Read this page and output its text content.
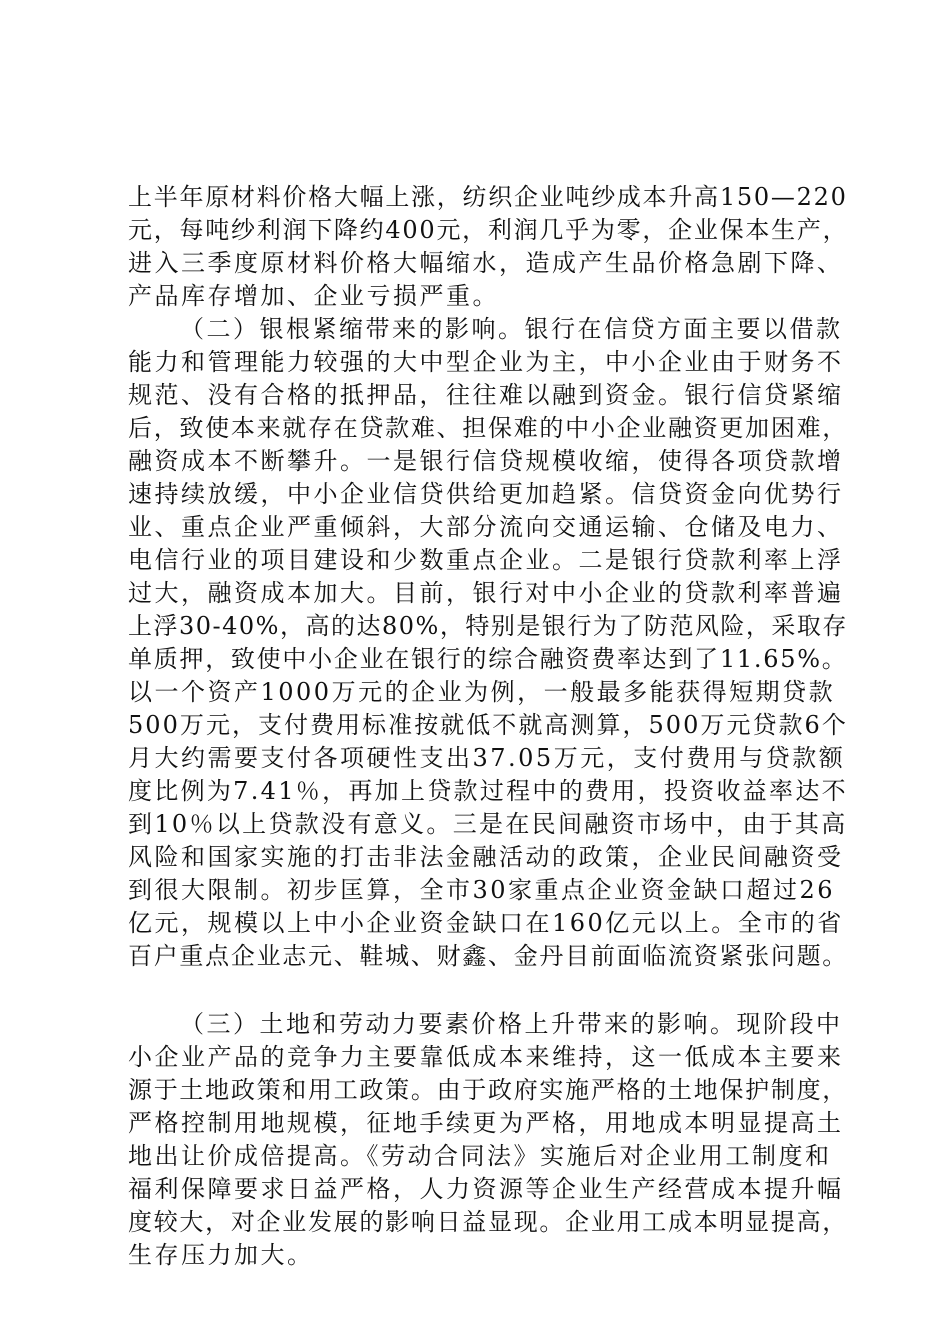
上半年原材料价格大幅上涨，纺织企业吨纱成本升高150—220
元，每吨纱利润下降约400元，利润几乎为零，企业保本生产，
进入三季度原材料价格大幅缩水，造成产生品价格急剧下降、
产品库存增加、企业亏损严重。
（二）银根紧缩带来的影响。银行在信贷方面主要以借款
能力和管理能力较强的大中型企业为主，中小企业由于财务不
规范、没有合格的抵押品，往往难以融到资金。银行信贷紧缩
后，致使本来就存在贷款难、担保难的中小企业融资更加困难，
融资成本不断攀升。一是银行信贷规模收缩，使得各项贷款增
速持续放缓，中小企业信贷供给更加趋紧。信贷资金向优势行
业、重点企业严重倾斜，大部分流向交通运输、仓储及电力、
电信行业的项目建设和少数重点企业。二是银行贷款利率上浮
过大，融资成本加大。目前，银行对中小企业的贷款利率普遍
上浮30-40%，高的达80%，特别是银行为了防范风险，采取存
单质押，致使中小企业在银行的综合融资费率达到了11.65%。
以一个资产1000万元的企业为例，一般最多能获得短期贷款
500万元，支付费用标准按就低不就高测算，500万元贷款6个
月大约需要支付各项硬性支出37.05万元，支付费用与贷款额
度比例为7.41％，再加上贷款过程中的费用，投资收益率达不
到10％以上贷款没有意义。三是在民间融资市场中，由于其高
风险和国家实施的打击非法金融活动的政策，企业民间融资受
到很大限制。初步匡算，全市30家重点企业资金缺口超过26
亿元，规模以上中小企业资金缺口在160亿元以上。全市的省
百户重点企业志元、鞋城、财鑫、金丹目前面临流资紧张问题。
（三）土地和劳动力要素价格上升带来的影响。现阶段中
小企业产品的竞争力主要靠低成本来维持，这一低成本主要来
源于土地政策和用工政策。由于政府实施严格的土地保护制度，
严格控制用地规模，征地手续更为严格，用地成本明显提高土
地出让价成倍提高。《劳动合同法》实施后对企业用工制度和
福利保障要求日益严格，人力资源等企业生产经营成本提升幅
度较大，对企业发展的影响日益显现。企业用工成本明显提高，
生存压力加大。
